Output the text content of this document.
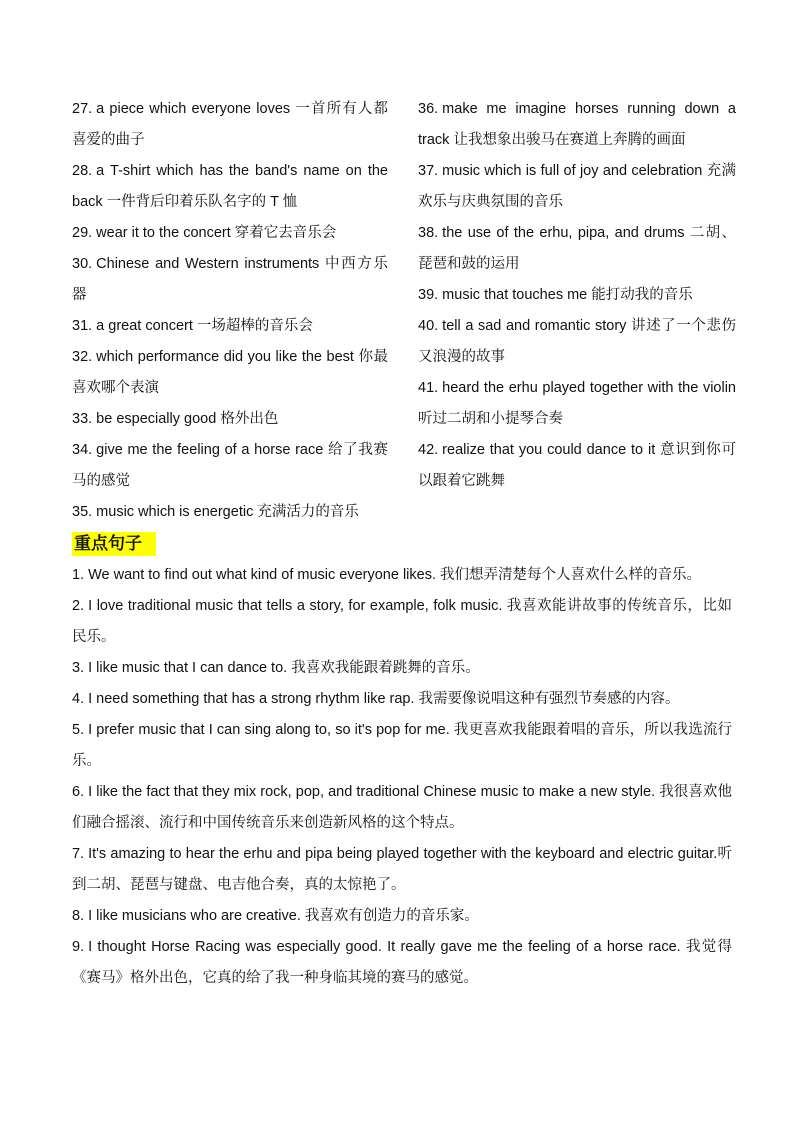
27. a piece which everyone loves 一首所有人都喜爱的曲子

28. a T-shirt which has the band's name on the back 一件背后印着乐队名字的 T 恤

29. wear it to the concert 穿着它去音乐会

30. Chinese and Western instruments 中西方乐器

31. a great concert 一场超棒的音乐会

32. which performance did you like the best 你最喜欢哪个表演

33. be especially good 格外出色

34. give me the feeling of a horse race 给了我赛马的感觉

35. music which is energetic 充满活力的音乐

36. make me imagine horses running down a track 让我想象出骏马在赛道上奔腾的画面

37. music which is full of joy and celebration 充满欢乐与庆典氛围的音乐

38. the use of the erhu, pipa, and drums 二胡、琵琶和鼓的运用

39. music that touches me 能打动我的音乐

40. tell a sad and romantic story 讲述了一个悲伤又浪漫的故事

41. heard the erhu played together with the violin 听过二胡和小提琴合奏

42. realize that you could dance to it 意识到你可以跟着它跳舞

重点句子

1. We want to find out what kind of music everyone likes. 我们想弄清楚每个人喜欢什么样的音乐。

2. I love traditional music that tells a story, for example, folk music. 我喜欢能讲故事的传统音乐，比如民乐。

3. I like music that I can dance to. 我喜欢我能跟着跳舞的音乐。

4. I need something that has a strong rhythm like rap. 我需要像说唱这种有强烈节奏感的内容。

5. I prefer music that I can sing along to, so it's pop for me. 我更喜欢我能跟着唱的音乐，所以我选流行乐。

6. I like the fact that they mix rock, pop, and traditional Chinese music to make a new style. 我很喜欢他们融合摇滚、流行和中国传统音乐来创造新风格的这个特点。

7. It's amazing to hear the erhu and pipa being played together with the keyboard and electric guitar.听到二胡、琵琶与键盘、电吉他合奏，真的太惊艳了。

8. I like musicians who are creative. 我喜欢有创造力的音乐家。

9. I thought Horse Racing was especially good. It really gave me the feeling of a horse race. 我觉得《赛马》格外出色，它真的给了我一种身临其境的赛马的感觉。
